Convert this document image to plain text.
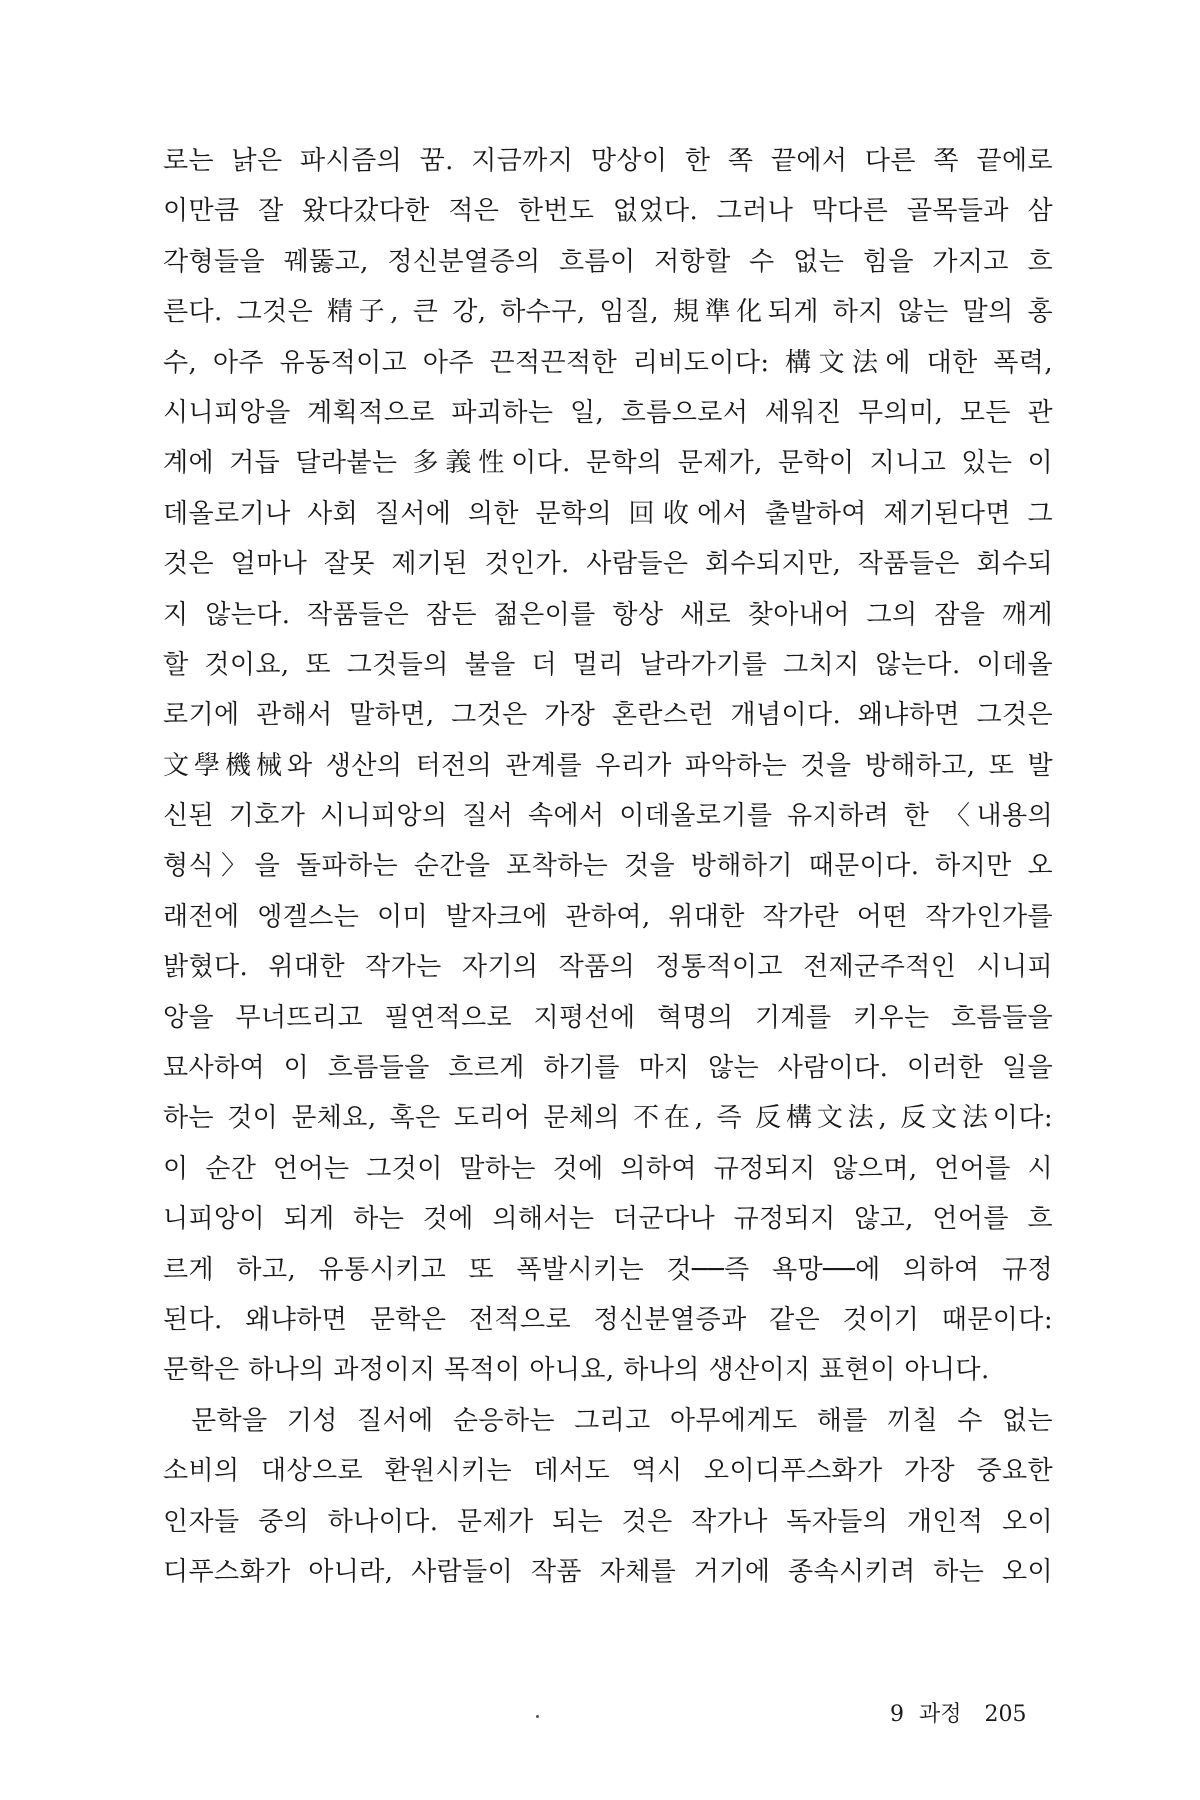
로는 낡은 파시즘의 꿈. 지금까지 망상이 한 쪽 끝에서 다른 쪽 끝에로
이만큼 잘 왔다갔다한 적은 한번도 없었다. 그러나 막다른 골목들과 삼
각형들을 꿰뚫고, 정신분열증의 흐름이 저항할 수 없는 힘을 가지고 흐
른다. 그것은 精子, 큰 강, 하수구, 임질, 規準化되게 하지 않는 말의 홍
수, 아주 유동적이고 아주 끈적끈적한 리비도이다: 構文法에 대한 폭력,
시니피앙을 계획적으로 파괴하는 일, 흐름으로서 세워진 무의미, 모든 관
계에 거듭 달라붙는 多義性이다. 문학의 문제가, 문학이 지니고 있는 이
데올로기나 사회 질서에 의한 문학의 回收에서 출발하여 제기된다면 그
것은 얼마나 잘못 제기된 것인가. 사람들은 회수되지만, 작품들은 회수되
지 않는다. 작품들은 잠든 젊은이를 항상 새로 찾아내어 그의 잠을 깨게
할 것이요, 또 그것들의 불을 더 멀리 날라가기를 그치지 않는다. 이데올
로기에 관해서 말하면, 그것은 가장 혼란스런 개념이다. 왜냐하면 그것은
文學機械와 생산의 터전의 관계를 우리가 파악하는 것을 방해하고, 또 발
신된 기호가 시니피앙의 질서 속에서 이데올로기를 유지하려 한 〈내용의
형식〉을 돌파하는 순간을 포착하는 것을 방해하기 때문이다. 하지만 오
래전에 엥겔스는 이미 발자크에 관하여, 위대한 작가란 어떤 작가인가를
밝혔다. 위대한 작가는 자기의 작품의 정통적이고 전제군주적인 시니피
앙을 무너뜨리고 필연적으로 지평선에 혁명의 기계를 키우는 흐름들을
묘사하여 이 흐름들을 흐르게 하기를 마지 않는 사람이다. 이러한 일을
하는 것이 문체요, 혹은 도리어 문체의 不在, 즉 反構文法, 反文法이다:
이 순간 언어는 그것이 말하는 것에 의하여 규정되지 않으며, 언어를 시
니피앙이 되게 하는 것에 의해서는 더군다나 규정되지 않고, 언어를 흐
르게 하고, 유통시키고 또 폭발시키는 것──즉 욕망──에 의하여 규정
된다. 왜냐하면 문학은 전적으로 정신분열증과 같은 것이기 때문이다:
문학은 하나의 과정이지 목적이 아니요, 하나의 생산이지 표현이 아니다.
문학을 기성 질서에 순응하는 그리고 아무에게도 해를 끼칠 수 없는
소비의 대상으로 환원시키는 데서도 역시 오이디푸스화가 가장 중요한
인자들 중의 하나이다. 문제가 되는 것은 작가나 독자들의 개인적 오이
디푸스화가 아니라, 사람들이 작품 자체를 거기에 종속시키려 하는 오이
9 과정 205
